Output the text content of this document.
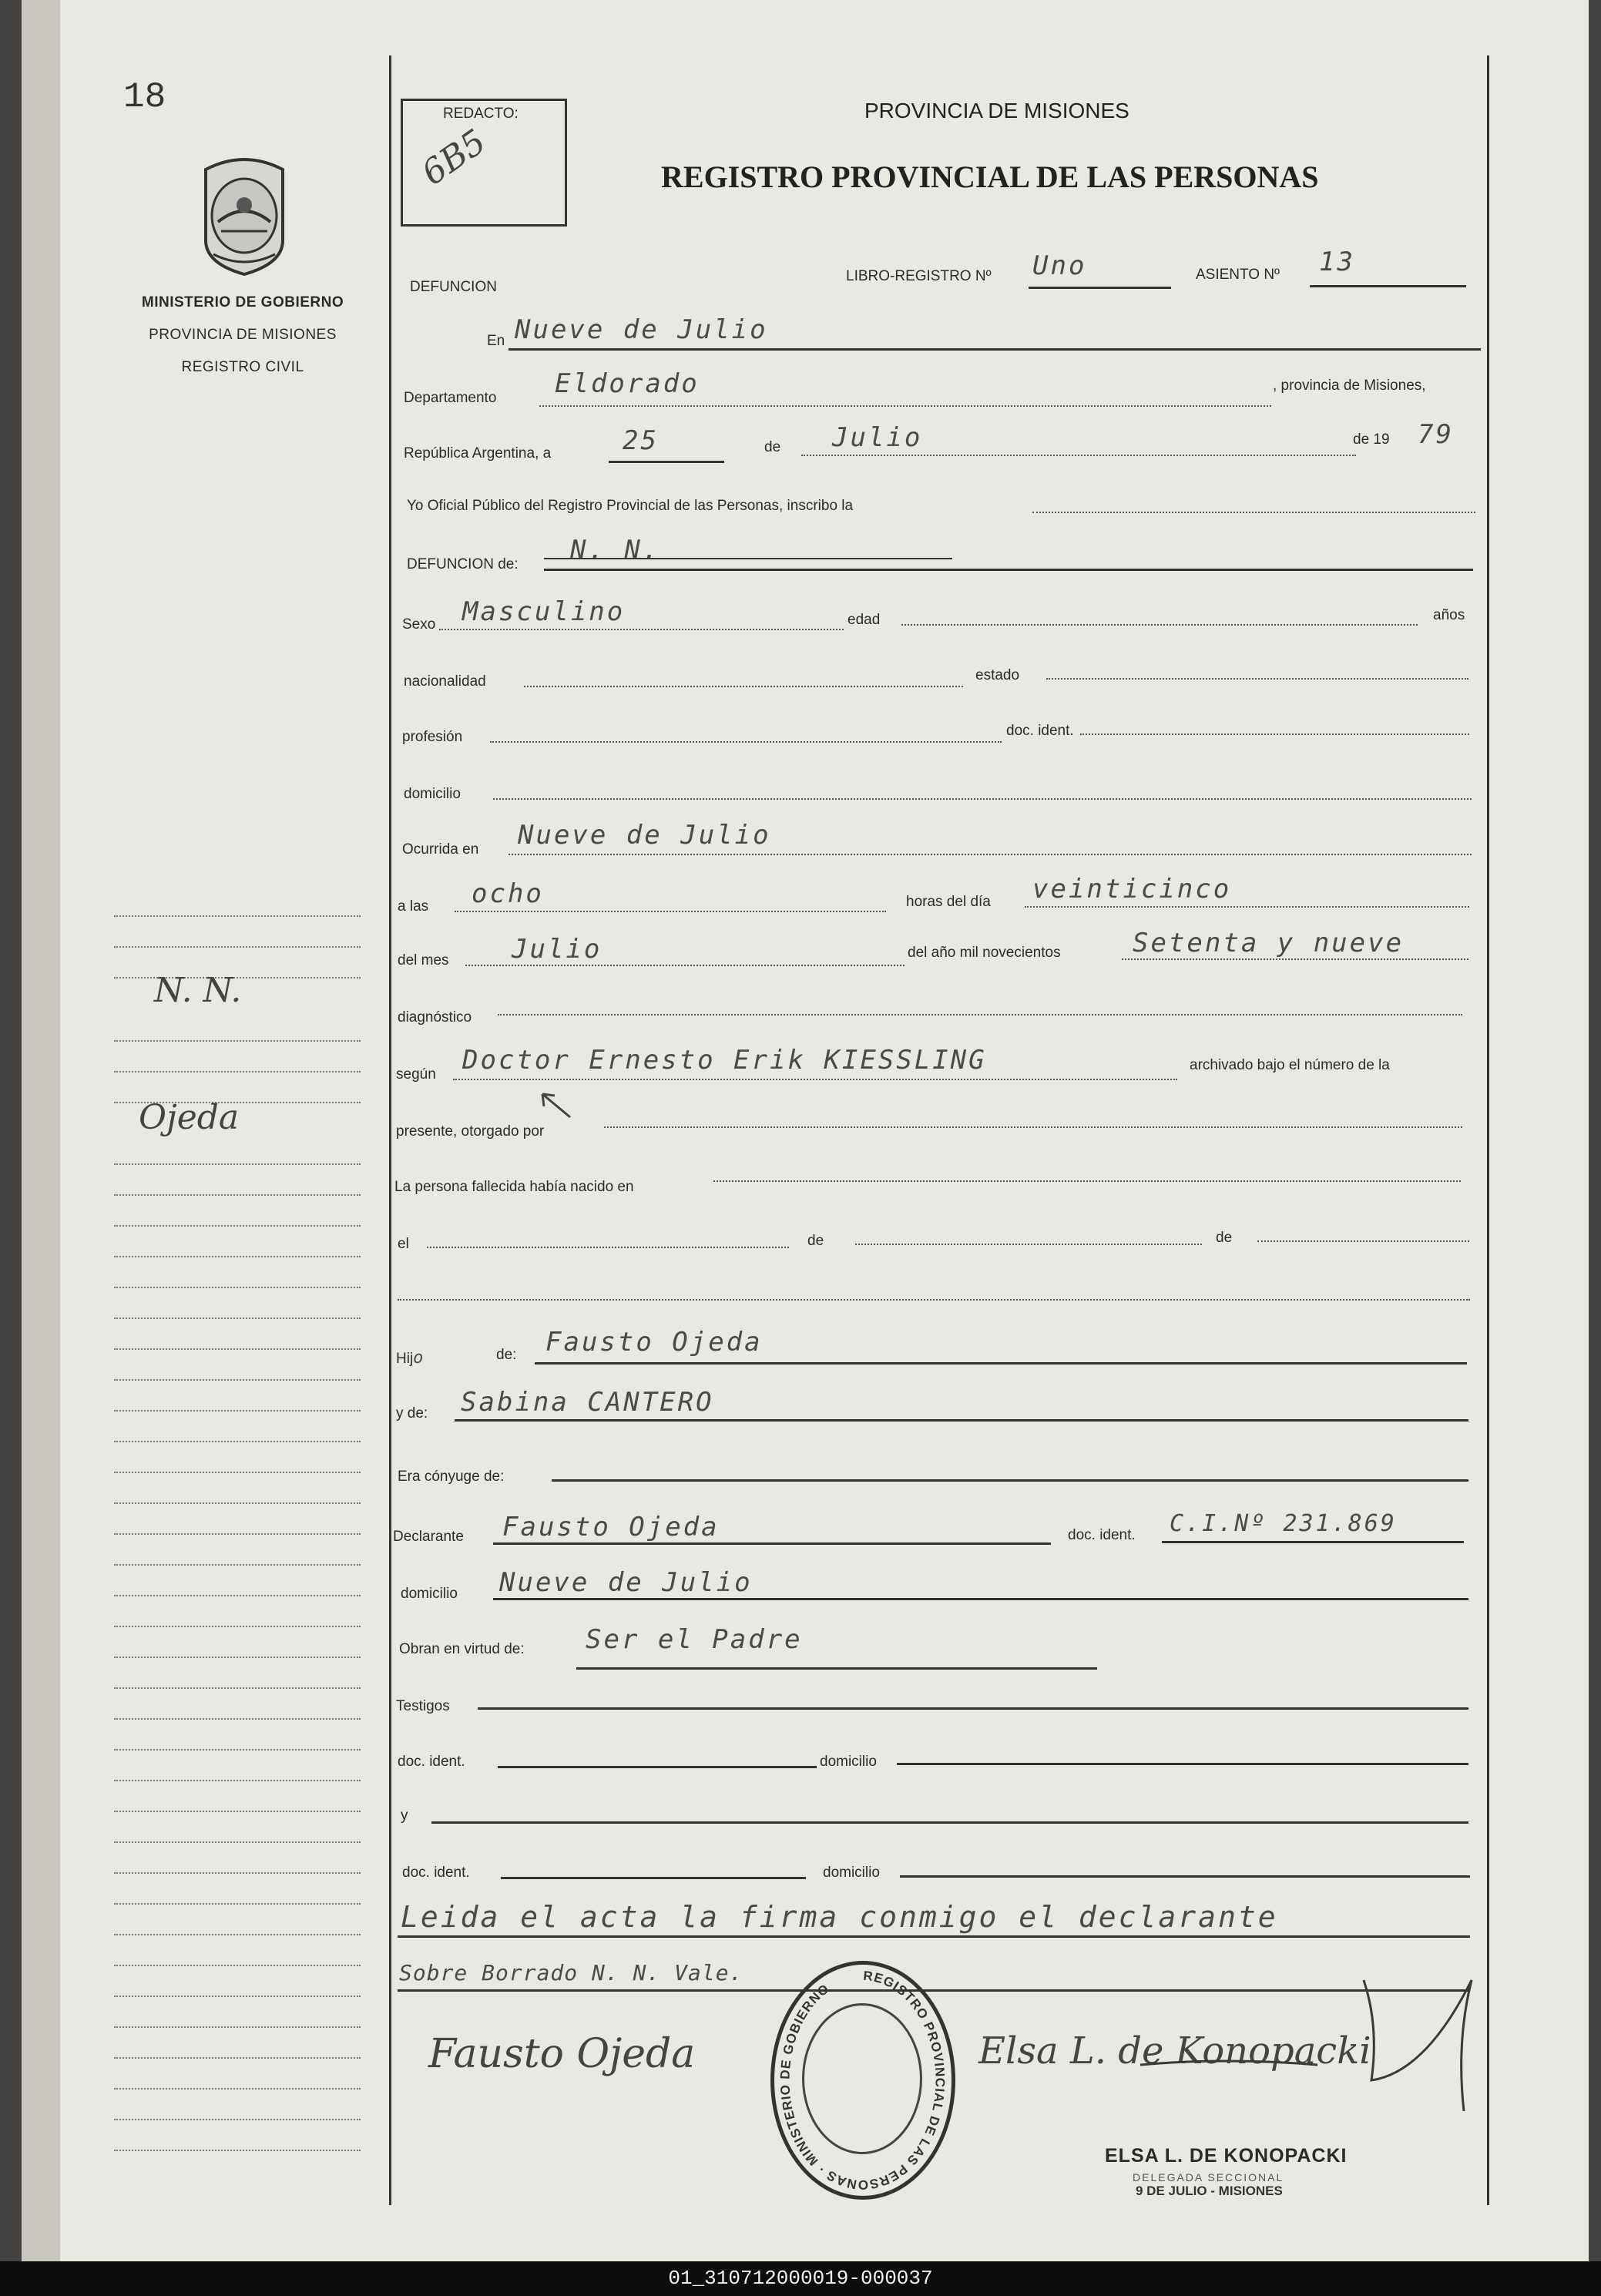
18
MINISTERIO DE GOBIERNO
PROVINCIA DE MISIONES
REGISTRO CIVIL
N. N.
Ojeda
REDACTO:
6B5
PROVINCIA DE MISIONES
REGISTRO PROVINCIAL DE LAS PERSONAS
DEFUNCION
LIBRO-REGISTRO Nº Uno	ASIENTO Nº 13
En Nueve de Julio
Departamento Eldorado	, provincia de Misiones,
República Argentina, a	25	de Julio	de 19 79
Yo Oficial Público del Registro Provincial de las Personas, inscribo la
DEFUNCION de: N. N.
Sexo Masculino	edad	años
nacionalidad	estado
profesión	doc. ident.
domicilio
Ocurrida en Nueve de Julio
a las ocho	horas del día veinticinco
del mes Julio	del año mil novecientos	Setenta y nueve
diagnóstico
según Doctor Ernesto Erik KIESSLING	archivado bajo el número de la
presente, otorgado por
La persona fallecida había nacido en
el	de	de
Hijo	de: Fausto Ojeda
y de: Sabina CANTERO
Era cónyuge de:
Declarante Fausto Ojeda	doc. ident. C.I.Nº 231.869
domicilio Nueve de Julio
Obran en virtud de: Ser el Padre
Testigos
doc. ident.	domicilio
y
doc. ident.	domicilio
Leida el acta la firma conmigo el declarante
Sobre Borrado N. N. Vale.	REGISTRO PROVINCIAL DE LAS PERSONAS · MINISTERIO DE GOBIERNO
Fausto Ojeda	Elsa L. de Konopacki
ELSA L. DE KONOPACKI
DELEGADA SECCIONAL
9 DE JULIO - MISIONES
01_310712000019-000037
